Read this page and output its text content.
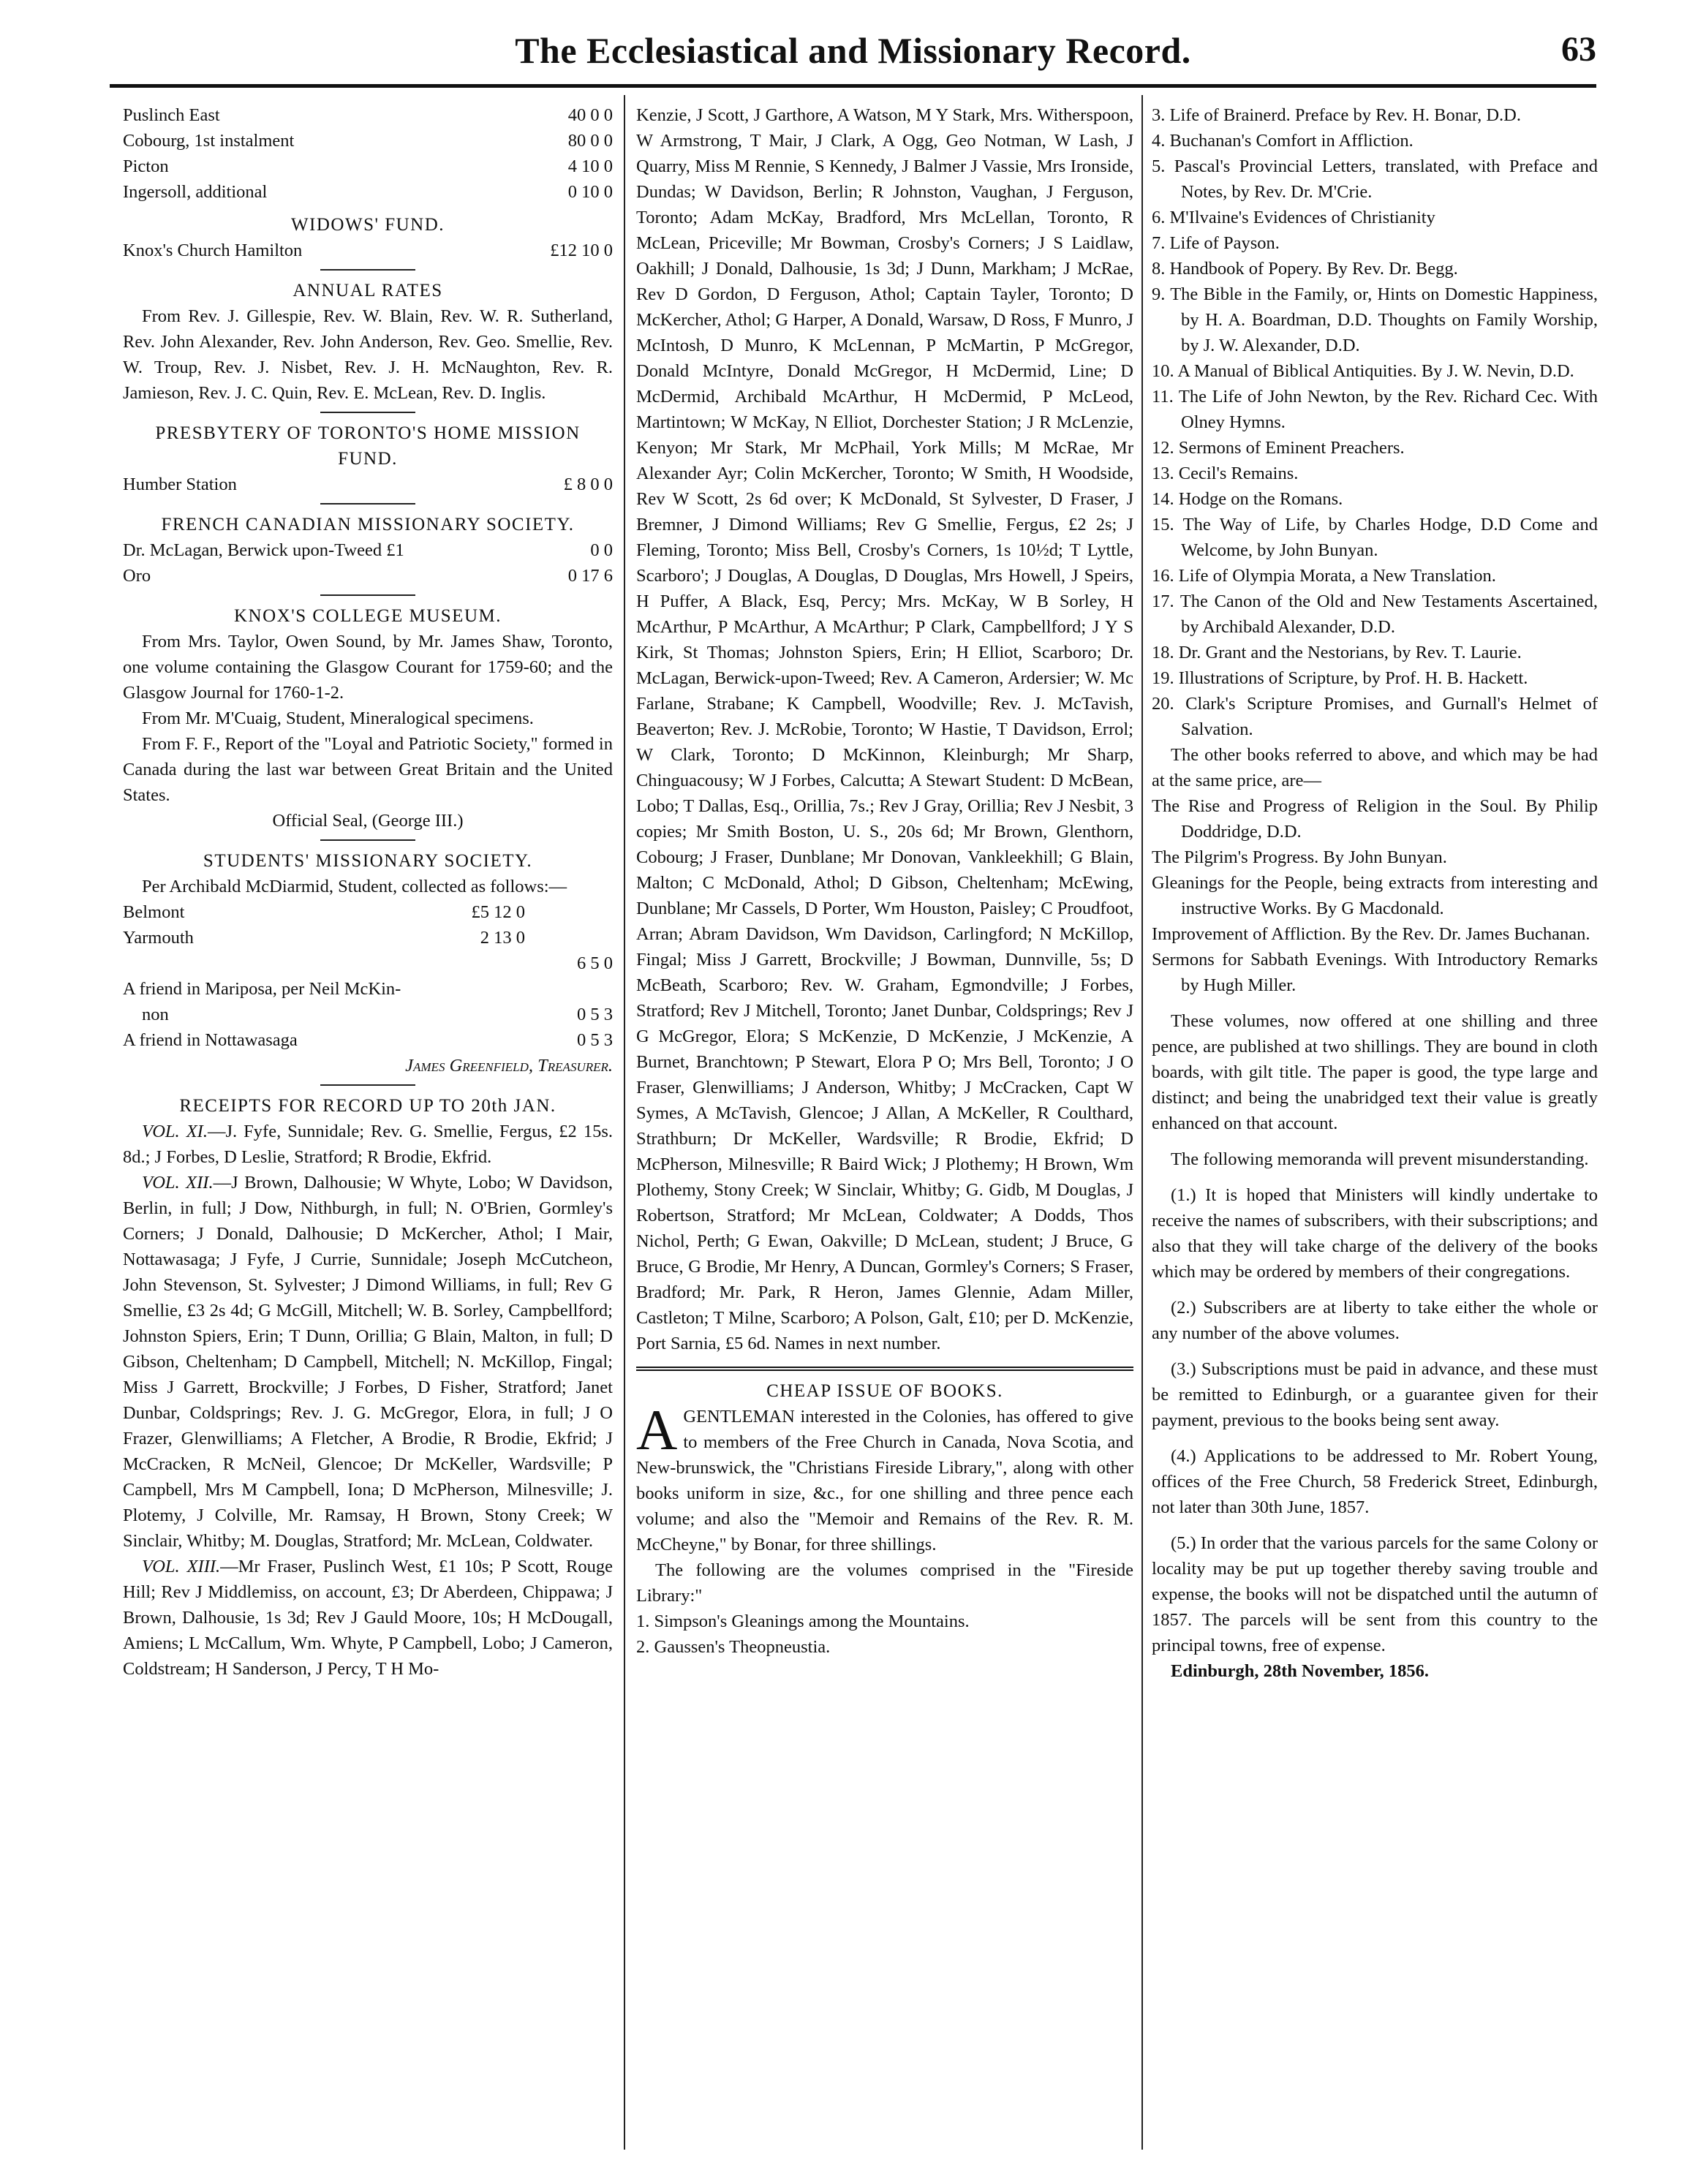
The Ecclesiastical and Missionary Record.	63
Puslinch East	40 0 0
Cobourg, 1st instalment	80 0 0
Picton	4 10 0
Ingersoll, additional	0 10 0
WIDOWS' FUND.
Knox's Church Hamilton	£12 10 0
ANNUAL RATES

From Rev. J. Gillespie, Rev. W. Blain, Rev. W. R. Sutherland, Rev. John Alexander, Rev. John Anderson, Rev. Geo. Smellie, Rev. W. Troup, Rev. J. Nisbet, Rev. J. H. McNaughton, Rev. R. Jamieson, Rev. J. C. Quin, Rev. E. McLean, Rev. D. Inglis.

PRESBYTERY OF TORONTO'S HOME MISSION FUND.
Humber Station	£ 8 0 0
FRENCH CANADIAN MISSIONARY SOCIETY.
Dr. McLagan, Berwick upon-Tweed £1	0 0
Oro	0 17 6
KNOX'S COLLEGE MUSEUM.

From Mrs. Taylor, Owen Sound, by Mr. James Shaw, Toronto, one volume containing the Glasgow Courant for 1759-60; and the Glasgow Journal for 1760-1-2.

From Mr. M'Cuaig, Student, Mineralogical specimens.

From F. F., Report of the "Loyal and Patriotic Society," formed in Canada during the last war between Great Britain and the United States.

Official Seal, (George III.)

STUDENTS' MISSIONARY SOCIETY.

Per Archibald McDiarmid, Student, collected as follows:—

Belmont	£5 12 0
Yarmouth	2 13 0
6 5 0
A friend in Mariposa, per Neil McKin-
non	0 5 3
A friend in Nottawasaga	0 5 3
James Greenfield, Treasurer.
RECEIPTS FOR RECORD UP TO 20th JAN.

VOL. XI.—J. Fyfe, Sunnidale; Rev. G. Smellie, Fergus, £2 15s. 8d.; J Forbes, D Leslie, Stratford; R Brodie, Ekfrid.

VOL. XII.—J Brown, Dalhousie; W Whyte, Lobo; W Davidson, Berlin, in full; J Dow, Nithburgh, in full; N. O'Brien, Gormley's Corners; J Donald, Dalhousie; D McKercher, Athol; I Mair, Nottawasaga; J Fyfe, J Currie, Sunnidale; Joseph McCutcheon, John Stevenson, St. Sylvester; J Dimond Williams, in full; Rev G Smellie, £3 2s 4d; G McGill, Mitchell; W. B. Sorley, Campbellford; Johnston Spiers, Erin; T Dunn, Orillia; G Blain, Malton, in full; D Gibson, Cheltenham; D Campbell, Mitchell; N. McKillop, Fingal; Miss J Garrett, Brockville; J Forbes, D Fisher, Stratford; Janet Dunbar, Coldsprings; Rev. J. G. McGregor, Elora, in full; J O Frazer, Glenwilliams; A Fletcher, A Brodie, R Brodie, Ekfrid; J McCracken, R McNeil, Glencoe; Dr McKeller, Wardsville; P Campbell, Mrs M Campbell, Iona; D McPherson, Milnesville; J. Plotemy, J Colville, Mr. Ramsay, H Brown, Stony Creek; W Sinclair, Whitby; M. Douglas, Stratford; Mr. McLean, Coldwater.

VOL. XIII.—Mr Fraser, Puslinch West, £1 10s; P Scott, Rouge Hill; Rev J Middlemiss, on account, £3; Dr Aberdeen, Chippawa; J Brown, Dalhousie, 1s 3d; Rev J Gauld Moore, 10s; H McDougall, Amiens; L McCallum, Wm. Whyte, P Campbell, Lobo; J Cameron, Coldstream; H Sanderson, J Percy, T H Mo-

Kenzie, J Scott, J Garthore, A Watson, M Y Stark, Mrs. Witherspoon, W Armstrong, T Mair, J Clark, A Ogg, Geo Notman, W Lash, J Quarry, Miss M Rennie, S Kennedy, J Balmer J Vassie, Mrs Ironside, Dundas; W Davidson, Berlin; R Johnston, Vaughan, J Ferguson, Toronto; Adam McKay, Bradford, Mrs McLellan, Toronto, R McLean, Priceville; Mr Bowman, Crosby's Corners; J S Laidlaw, Oakhill; J Donald, Dalhousie, 1s 3d; J Dunn, Markham; J McRae, Rev D Gordon, D Ferguson, Athol; Captain Tayler, Toronto; D McKercher, Athol; G Harper, A Donald, Warsaw, D Ross, F Munro, J McIntosh, D Munro, K McLennan, P McMartin, P McGregor, Donald McIntyre, Donald McGregor, H McDermid, Line; D McDermid, Archibald McArthur, H McDermid, P McLeod, Martintown; W McKay, N Elliot, Dorchester Station; J R McLenzie, Kenyon; Mr Stark, Mr McPhail, York Mills; M McRae, Mr Alexander Ayr; Colin McKercher, Toronto; W Smith, H Woodside, Rev W Scott, 2s 6d over; K McDonald, St Sylvester, D Fraser, J Bremner, J Dimond Williams; Rev G Smellie, Fergus, £2 2s; J Fleming, Toronto; Miss Bell, Crosby's Corners, 1s 10½d; T Lyttle, Scarboro'; J Douglas, A Douglas, D Douglas, Mrs Howell, J Speirs, H Puffer, A Black, Esq, Percy; Mrs. McKay, W B Sorley, H McArthur, P McArthur, A McArthur; P Clark, Campbellford; J Y S Kirk, St Thomas; Johnston Spiers, Erin; H Elliot, Scarboro; Dr. McLagan, Berwick-upon-Tweed; Rev. A Cameron, Ardersier; W. Mc Farlane, Strabane; K Campbell, Woodville; Rev. J. McTavish, Beaverton; Rev. J. McRobie, Toronto; W Hastie, T Davidson, Errol; W Clark, Toronto; D McKinnon, Kleinburgh; Mr Sharp, Chinguacousy; W J Forbes, Calcutta; A Stewart Student: D McBean, Lobo; T Dallas, Esq., Orillia, 7s.; Rev J Gray, Orillia; Rev J Nesbit, 3 copies; Mr Smith Boston, U. S., 20s 6d; Mr Brown, Glenthorn, Cobourg; J Fraser, Dunblane; Mr Donovan, Vankleekhill; G Blain, Malton; C McDonald, Athol; D Gibson, Cheltenham; McEwing, Dunblane; Mr Cassels, D Porter, Wm Houston, Paisley; C Proudfoot, Arran; Abram Davidson, Wm Davidson, Carlingford; N McKillop, Fingal; Miss J Garrett, Brockville; J Bowman, Dunnville, 5s; D McBeath, Scarboro; Rev. W. Graham, Egmondville; J Forbes, Stratford; Rev J Mitchell, Toronto; Janet Dunbar, Coldsprings; Rev J G McGregor, Elora; S McKenzie, D McKenzie, J McKenzie, A Burnet, Branchtown; P Stewart, Elora P O; Mrs Bell, Toronto; J O Fraser, Glenwilliams; J Anderson, Whitby; J McCracken, Capt W Symes, A McTavish, Glencoe; J Allan, A McKeller, R Coulthard, Strathburn; Dr McKeller, Wardsville; R Brodie, Ekfrid; D McPherson, Milnesville; R Baird Wick; J Plothemy; H Brown, Wm Plothemy, Stony Creek; W Sinclair, Whitby; G. Gidb, M Douglas, J Robertson, Stratford; Mr McLean, Coldwater; A Dodds, Thos Nichol, Perth; G Ewan, Oakville; D McLean, student; J Bruce, G Bruce, G Brodie, Mr Henry, A Duncan, Gormley's Corners; S Fraser, Bradford; Mr. Park, R Heron, James Glennie, Adam Miller, Castleton; T Milne, Scarboro; A Polson, Galt, £10; per D. McKenzie, Port Sarnia, £5 6d. Names in next number.

CHEAP ISSUE OF BOOKS.

AGENTLEMAN interested in the Colonies, has offered to give to members of the Free Church in Canada, Nova Scotia, and New-brunswick, the "Christians Fireside Library,", along with other books uniform in size, &c., for one shilling and three pence each volume; and also the "Memoir and Remains of the Rev. R. M. McCheyne," by Bonar, for three shillings.

The following are the volumes comprised in the "Fireside Library:"

1. Simpson's Gleanings among the Mountains.
2. Gaussen's Theopneustia.

3. Life of Brainerd. Preface by Rev. H. Bonar, D.D.

4. Buchanan's Comfort in Affliction.

5. Pascal's Provincial Letters, translated, with Preface and Notes, by Rev. Dr. M'Crie.

6. M'Ilvaine's Evidences of Christianity

7. Life of Payson.

8. Handbook of Popery. By Rev. Dr. Begg.

9. The Bible in the Family, or, Hints on Domestic Happiness, by H. A. Boardman, D.D. Thoughts on Family Worship, by J. W. Alexander, D.D.

10. A Manual of Biblical Antiquities. By J. W. Nevin, D.D.

11. The Life of John Newton, by the Rev. Richard Cec. With Olney Hymns.

12. Sermons of Eminent Preachers.

13. Cecil's Remains.

14. Hodge on the Romans.

15. The Way of Life, by Charles Hodge, D.D Come and Welcome, by John Bunyan.

16. Life of Olympia Morata, a New Translation.

17. The Canon of the Old and New Testaments Ascertained, by Archibald Alexander, D.D.

18. Dr. Grant and the Nestorians, by Rev. T. Laurie.

19. Illustrations of Scripture, by Prof. H. B. Hackett.

20. Clark's Scripture Promises, and Gurnall's Helmet of Salvation.

The other books referred to above, and which may be had at the same price, are—

The Rise and Progress of Religion in the Soul. By Philip Doddridge, D.D.

The Pilgrim's Progress. By John Bunyan.

Gleanings for the People, being extracts from interesting and instructive Works. By G Macdonald.

Improvement of Affliction. By the Rev. Dr. James Buchanan.

Sermons for Sabbath Evenings. With Introductory Remarks by Hugh Miller.

These volumes, now offered at one shilling and three pence, are published at two shillings. They are bound in cloth boards, with gilt title. The paper is good, the type large and distinct; and being the unabridged text their value is greatly enhanced on that account.

The following memoranda will prevent misunderstanding.

(1.) It is hoped that Ministers will kindly undertake to receive the names of subscribers, with their subscriptions; and also that they will take charge of the delivery of the books which may be ordered by members of their congregations.

(2.) Subscribers are at liberty to take either the whole or any number of the above volumes.

(3.) Subscriptions must be paid in advance, and these must be remitted to Edinburgh, or a guarantee given for their payment, previous to the books being sent away.

(4.) Applications to be addressed to Mr. Robert Young, offices of the Free Church, 58 Frederick Street, Edinburgh, not later than 30th June, 1857.

(5.) In order that the various parcels for the same Colony or locality may be put up together thereby saving trouble and expense, the books will not be dispatched until the autumn of 1857. The parcels will be sent from this country to the principal towns, free of expense.

Edinburgh, 28th November, 1856.
